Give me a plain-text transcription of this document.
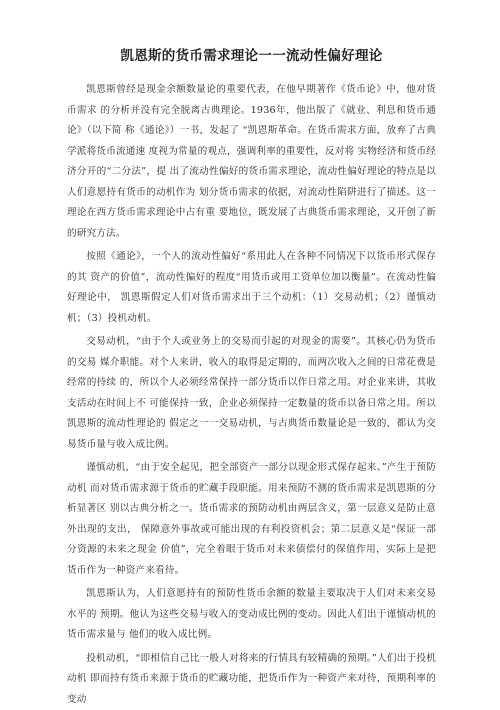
凯恩斯的货币需求理论一一流动性偏好理论

凯恩斯曾经是现金余额数量论的重要代表，在他早期著作《货币论》中，他对货币需求 的分析并没有完全脱离古典理论。1936年，他出版了《就业、利息和货币通论》（以下简 称《通论》）一书，发起了 “凯恩斯革命。在货币需求方面，放弃了古典学派将货币流通速 度视为常量的观点，强调利率的重要性，反对将 实物经济和货币经济分开的“二分法”，提 出了流动性偏好的货币需求理论，流动性偏好理论的特点是以人们意愿持有货币的动机作为 划分货币需求的依据，对流动性陷阱进行了描述。这一理论在西方货币需求理论中占有重 要地位，既发展了古典货币需求理论，又开创了新的研究方法。

按照《通论》，一个人的流动性偏好“系用此人在各种不同情况下以货币形式保存的其 资产的价值”，流动性偏好的程度“用货币或用工资单位加以衡量”。在流动性偏好理论中， 凯恩斯假定人们对货币需求出于三个动机：（1）交易动机；（2）谨慎动机；（3）投机动机。

交易动机，“由于个人或业务上的交易而引起的对现金的需要”。其核心仍为货币的交易 媒介职能。对个人来讲，收入的取得是定期的，而两次收入之间的日常花费是经常的持续 的，所以个人必须经常保持一部分货币以作日常之用。对企业来讲，其收支活动在时间上不 可能保持一致，企业必须保持一定数量的货币以备日常之用。所以凯恩斯的流动性理论的 假定之一一交易动机，与古典货币数量论是一致的，都认为交易货币量与收入成比例。

谨慎动机，“由于安全起见，把全部资产一部分以现金形式保存起来。”产生于预防动机 而对货币需求源于货币的贮藏手段职能。用来预防不测的货币需求是凯恩斯的分析显著区 别以古典分析之一。货币需求的预防动机由两层含义，第一层意义是防止意外出现的支出， 保障意外事故或可能出现的有利投资机会；第二层意义是“保证一部分资源的未来之现金 价值”，完全着眼于货币对未来债偿付的保值作用，实际上是把货币作为一种资产来看待。

凯恩斯认为，人们意愿持有的预防性货币余额的数量主要取决于人们对未来交易水平的 预期。他认为这些交易与收入的变动成比例的变动。因此人们出于谨慎动机的货币需求量与 他们的收入成比例。

投机动机，“即相信自己比一般人对将来的行情具有较精确的预期。”人们出于投机动机 即而持有货币来源于货币的贮藏功能，把货币作为一种资产来对待，预期利率的变动
